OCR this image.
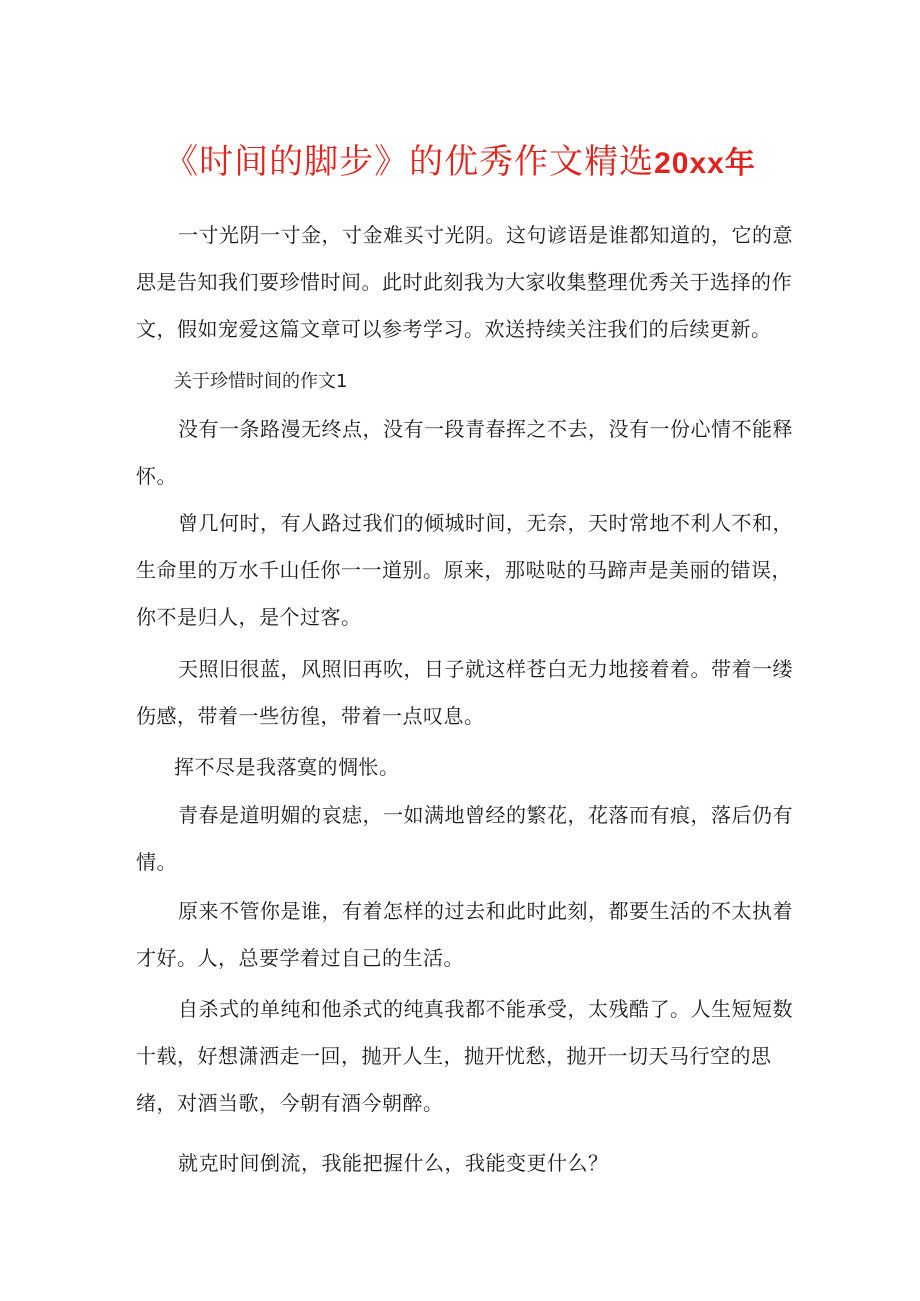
《时间的脚步》的优秀作文精选20xx年

一寸光阴一寸金，寸金难买寸光阴。这句谚语是谁都知道的，它的意思是告知我们要珍惜时间。此时此刻我为大家收集整理优秀关于选择的作文，假如宠爱这篇文章可以参考学习。欢送持续关注我们的后续更新。

关于珍惜时间的作文1

没有一条路漫无终点，没有一段青春挥之不去，没有一份心情不能释怀。

曾几何时，有人路过我们的倾城时间，无奈，天时常地不利人不和，生命里的万水千山任你一一道别。原来，那哒哒的马蹄声是美丽的错误，你不是归人，是个过客。

天照旧很蓝，风照旧再吹，日子就这样苍白无力地接着着。带着一缕伤感，带着一些彷徨，带着一点叹息。

挥不尽是我落寞的惆怅。

青春是道明媚的哀痣，一如满地曾经的繁花，花落而有痕，落后仍有情。

原来不管你是谁，有着怎样的过去和此时此刻，都要生活的不太执着才好。人，总要学着过自己的生活。

自杀式的单纯和他杀式的纯真我都不能承受，太残酷了。人生短短数十载，好想潇洒走一回，抛开人生，抛开忧愁，抛开一切天马行空的思绪，对酒当歌，今朝有酒今朝醉。

就克时间倒流，我能把握什么，我能变更什么？
